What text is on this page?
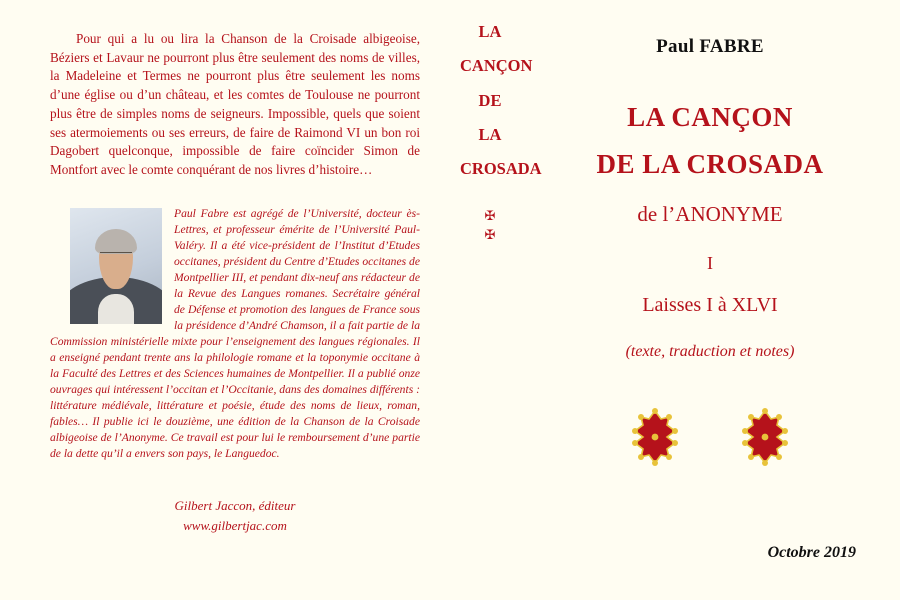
Pour qui a lu ou lira la Chanson de la Croisade albigeoise, Béziers et Lavaur ne pourront plus être seulement des noms de villes, la Madeleine et Termes ne pourront plus être seulement les noms d’une église ou d’un château, et les comtes de Toulouse ne pourront plus être de simples noms de seigneurs. Impossible, quels que soient ses atermoiements ou ses erreurs, de faire de Raimond VI un bon roi Dagobert quelconque, impossible de faire coïncider Simon de Montfort avec le comte conquérant de nos livres d’histoire…

Paul Fabre est agrégé de l’Université, docteur ès-Lettres, et professeur émérite de l’Université Paul-Valéry. Il a été vice-président de l’Institut d’Etudes occitanes, président du Centre d’Etudes occitanes de Montpellier III, et pendant dix-neuf ans rédacteur de la Revue des Langues romanes. Secrétaire général de Défense et promotion des langues de France sous la présidence d’André Chamson, il a fait partie de la Commission ministérielle mixte pour l’enseignement des langues régionales. Il a enseigné pendant trente ans la philologie romane et la toponymie occitane à la Faculté des Lettres et des Sciences humaines de Montpellier. Il a publié onze ouvrages qui intéressent l’occitan et l’Occitanie, dans des domaines différents : littérature médiévale, littérature et poésie, étude des noms de lieux, roman, fables… Il publie ici le douzième, une édition de la Chanson de la Croisade albigeoise de l’Anonyme. Ce travail est pour lui le remboursement d’une partie de la dette qu’il a envers son pays, le Languedoc.

Gilbert Jaccon, éditeur
www.gilbertjac.com
LA
CANÇON
DE
LA
CROSADA
✠
✠
Paul FABRE
LA CANÇON
DE LA CROSADA
de l’ANONYME
I
Laisses I à XLVI
(texte, traduction et notes)
Octobre 2019
